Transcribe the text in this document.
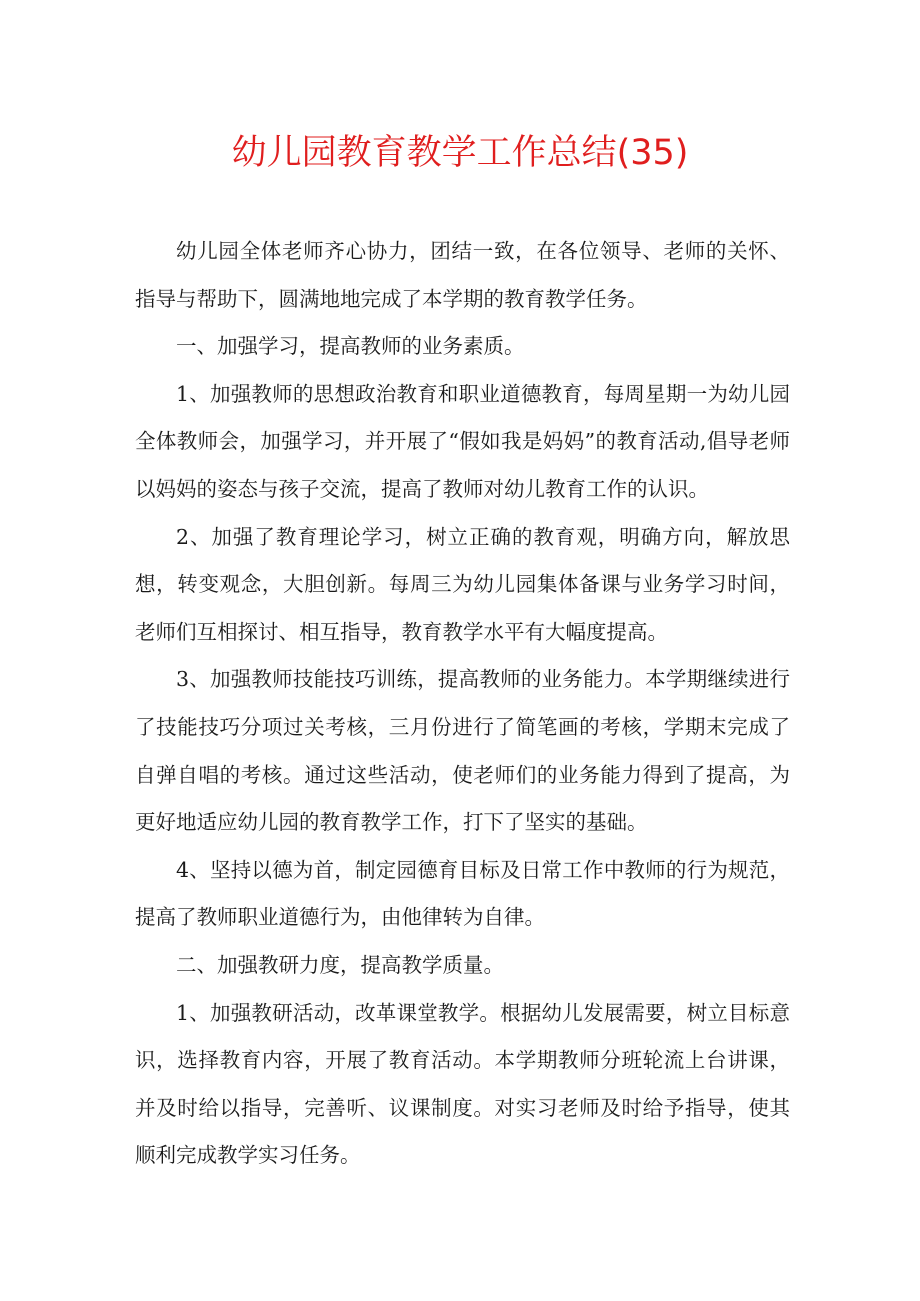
幼儿园教育教学工作总结(35)

幼儿园全体老师齐心协力，团结一致，在各位领导、老师的关怀、指导与帮助下，圆满地地完成了本学期的教育教学任务。

一、加强学习，提高教师的业务素质。

1、加强教师的思想政治教育和职业道德教育，每周星期一为幼儿园全体教师会，加强学习，并开展了“假如我是妈妈”的教育活动,倡导老师以妈妈的姿态与孩子交流，提高了教师对幼儿教育工作的认识。

2、加强了教育理论学习，树立正确的教育观，明确方向，解放思想，转变观念，大胆创新。每周三为幼儿园集体备课与业务学习时间，老师们互相探讨、相互指导，教育教学水平有大幅度提高。

3、加强教师技能技巧训练，提高教师的业务能力。本学期继续进行了技能技巧分项过关考核，三月份进行了简笔画的考核，学期末完成了自弹自唱的考核。通过这些活动，使老师们的业务能力得到了提高，为更好地适应幼儿园的教育教学工作，打下了坚实的基础。

4、坚持以德为首，制定园德育目标及日常工作中教师的行为规范，提高了教师职业道德行为，由他律转为自律。

二、加强教研力度，提高教学质量。

1、加强教研活动，改革课堂教学。根据幼儿发展需要，树立目标意识，选择教育内容，开展了教育活动。本学期教师分班轮流上台讲课，并及时给以指导，完善听、议课制度。对实习老师及时给予指导，使其顺利完成教学实习任务。
